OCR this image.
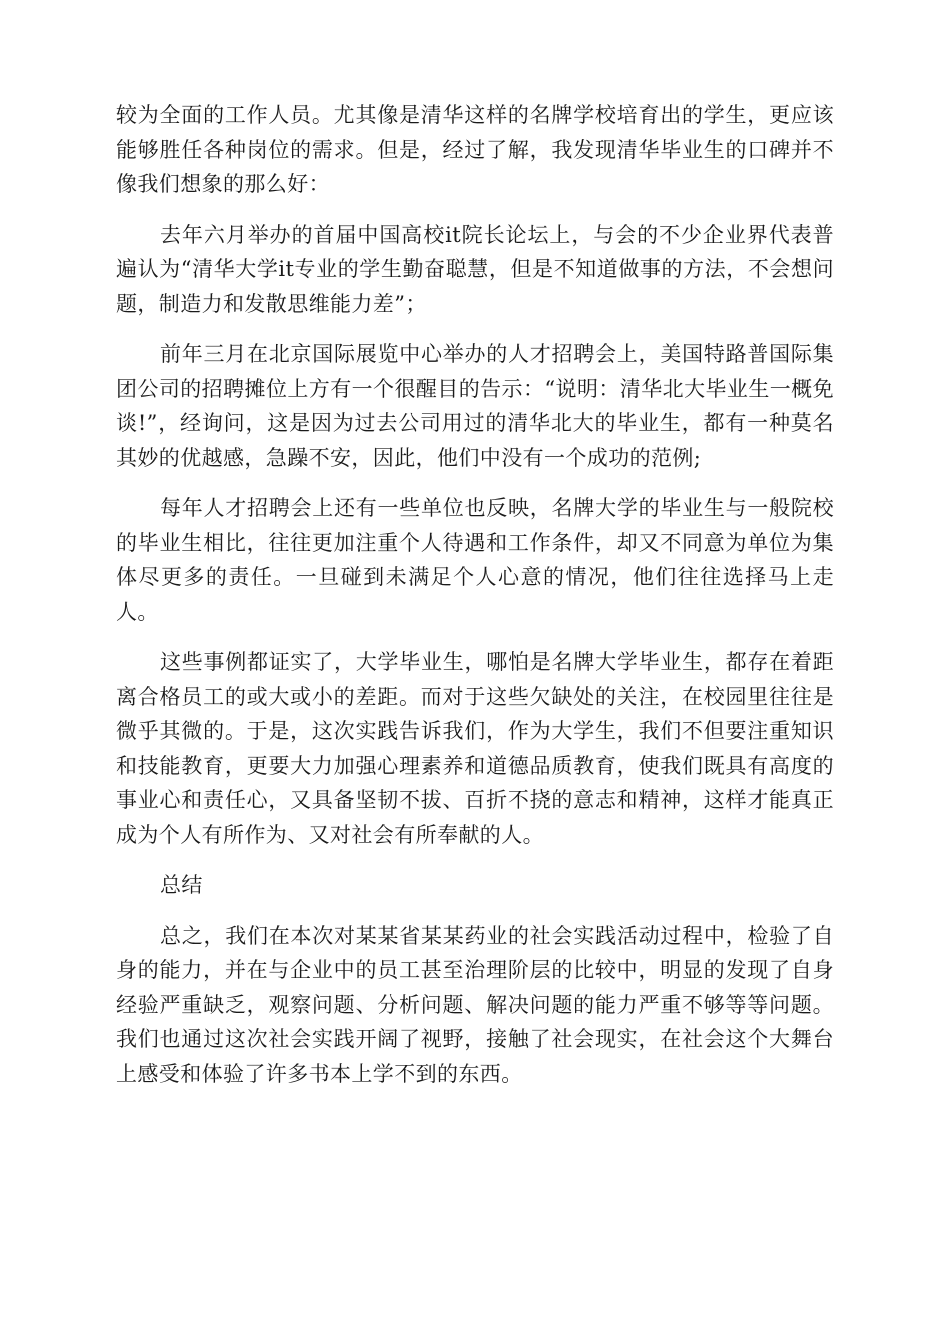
较为全面的工作人员。尤其像是清华这样的名牌学校培育出的学生，更应该能够胜任各种岗位的需求。但是，经过了解，我发现清华毕业生的口碑并不像我们想象的那么好：

去年六月举办的首届中国高校it院长论坛上，与会的不少企业界代表普遍认为“清华大学it专业的学生勤奋聪慧，但是不知道做事的方法，不会想问题，制造力和发散思维能力差”；

前年三月在北京国际展览中心举办的人才招聘会上，美国特路普国际集团公司的招聘摊位上方有一个很醒目的告示：“说明：清华北大毕业生一概免谈!”，经询问，这是因为过去公司用过的清华北大的毕业生，都有一种莫名其妙的优越感，急躁不安，因此，他们中没有一个成功的范例;

每年人才招聘会上还有一些单位也反映，名牌大学的毕业生与一般院校的毕业生相比，往往更加注重个人待遇和工作条件，却又不同意为单位为集体尽更多的责任。一旦碰到未满足个人心意的情况，他们往往选择马上走人。

这些事例都证实了，大学毕业生，哪怕是名牌大学毕业生，都存在着距离合格员工的或大或小的差距。而对于这些欠缺处的关注，在校园里往往是微乎其微的。于是，这次实践告诉我们，作为大学生，我们不但要注重知识和技能教育，更要大力加强心理素养和道德品质教育，使我们既具有高度的事业心和责任心，又具备坚韧不拔、百折不挠的意志和精神，这样才能真正成为个人有所作为、又对社会有所奉献的人。

总结

总之，我们在本次对某某省某某药业的社会实践活动过程中，检验了自身的能力，并在与企业中的员工甚至治理阶层的比较中，明显的发现了自身经验严重缺乏，观察问题、分析问题、解决问题的能力严重不够等等问题。我们也通过这次社会实践开阔了视野，接触了社会现实，在社会这个大舞台上感受和体验了许多书本上学不到的东西。
